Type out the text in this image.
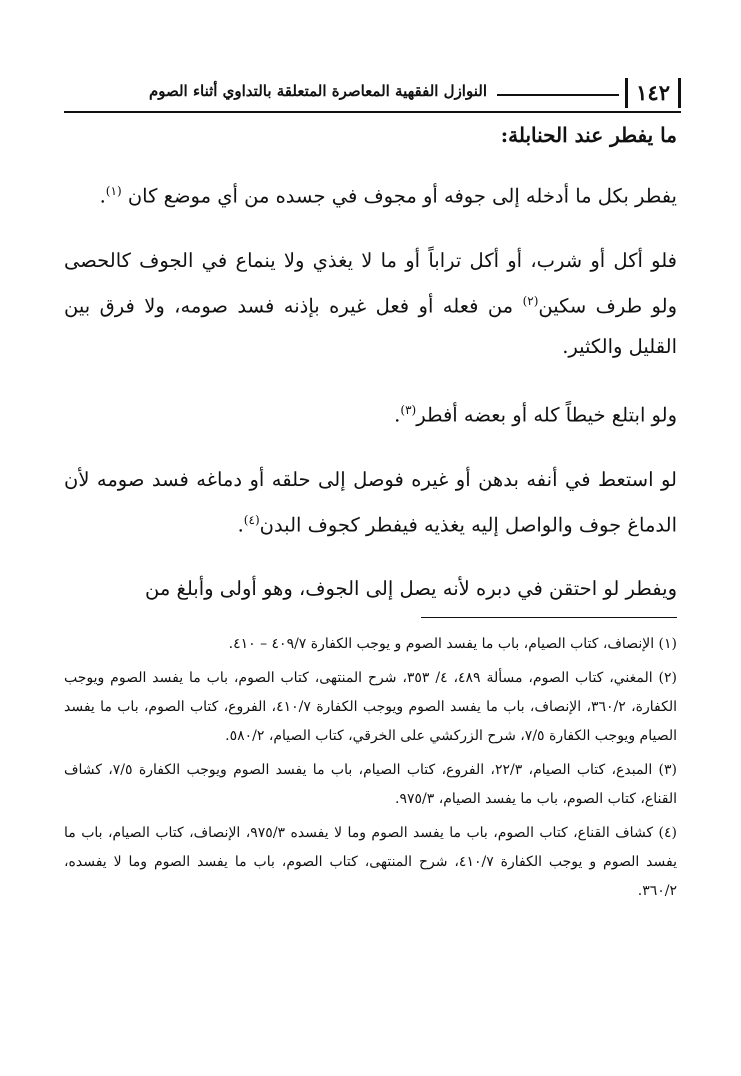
١٤٢
النوازل الفقهية المعاصرة المتعلقة بالتداوي أثناء الصوم

ما يفطر عند الحنابلة:

يفطر بكل ما أدخله إلى جوفه أو مجوف في جسده من أي موضع كان $^{(١)}$.

فلو أكل أو شرب، أو أكل تراباً أو ما لا يغذي ولا ينماع في الجوف كالحصى ولو طرف سكين$^{(٢)}$ من فعله أو فعل غيره بإذنه فسد صومه، ولا فرق بين القليل والكثير.

ولو ابتلع خيطاً كله أو بعضه أفطر$^{(٣)}$.

لو استعط في أنفه بدهن أو غيره فوصل إلى حلقه أو دماغه فسد صومه لأن الدماغ جوف والواصل إليه يغذيه فيفطر كجوف البدن$^{(٤)}$.

ويفطر لو احتقن في دبره لأنه يصل إلى الجوف، وهو أولى وأبلغ من

(١) الإنصاف، كتاب الصيام، باب ما يفسد الصوم و يوجب الكفارة ٤٠٩/٧ – ٤١٠.

(٢) المغني، كتاب الصوم، مسألة ٤٨٩، ٤/ ٣٥٣، شرح المنتهى، كتاب الصوم، باب ما يفسد الصوم ويوجب الكفارة، ٣٦٠/٢، الإنصاف، باب ما يفسد الصوم ويوجب الكفارة ٤١٠/٧، الفروع، كتاب الصوم، باب ما يفسد الصيام ويوجب الكفارة ٧/٥، شرح الزركشي على الخرقي، كتاب الصيام، ٥٨٠/٢.

(٣) المبدع، كتاب الصيام، ٢٢/٣، الفروع، كتاب الصيام، باب ما يفسد الصوم ويوجب الكفارة ٧/٥، كشاف القناع، كتاب الصوم، باب ما يفسد الصيام، ٩٧٥/٣.

(٤) كشاف القناع، كتاب الصوم، باب ما يفسد الصوم وما لا يفسده ٩٧٥/٣، الإنصاف، كتاب الصيام، باب ما يفسد الصوم و يوجب الكفارة ٤١٠/٧، شرح المنتهى، كتاب الصوم، باب ما يفسد الصوم وما لا يفسده، ٣٦٠/٢.
